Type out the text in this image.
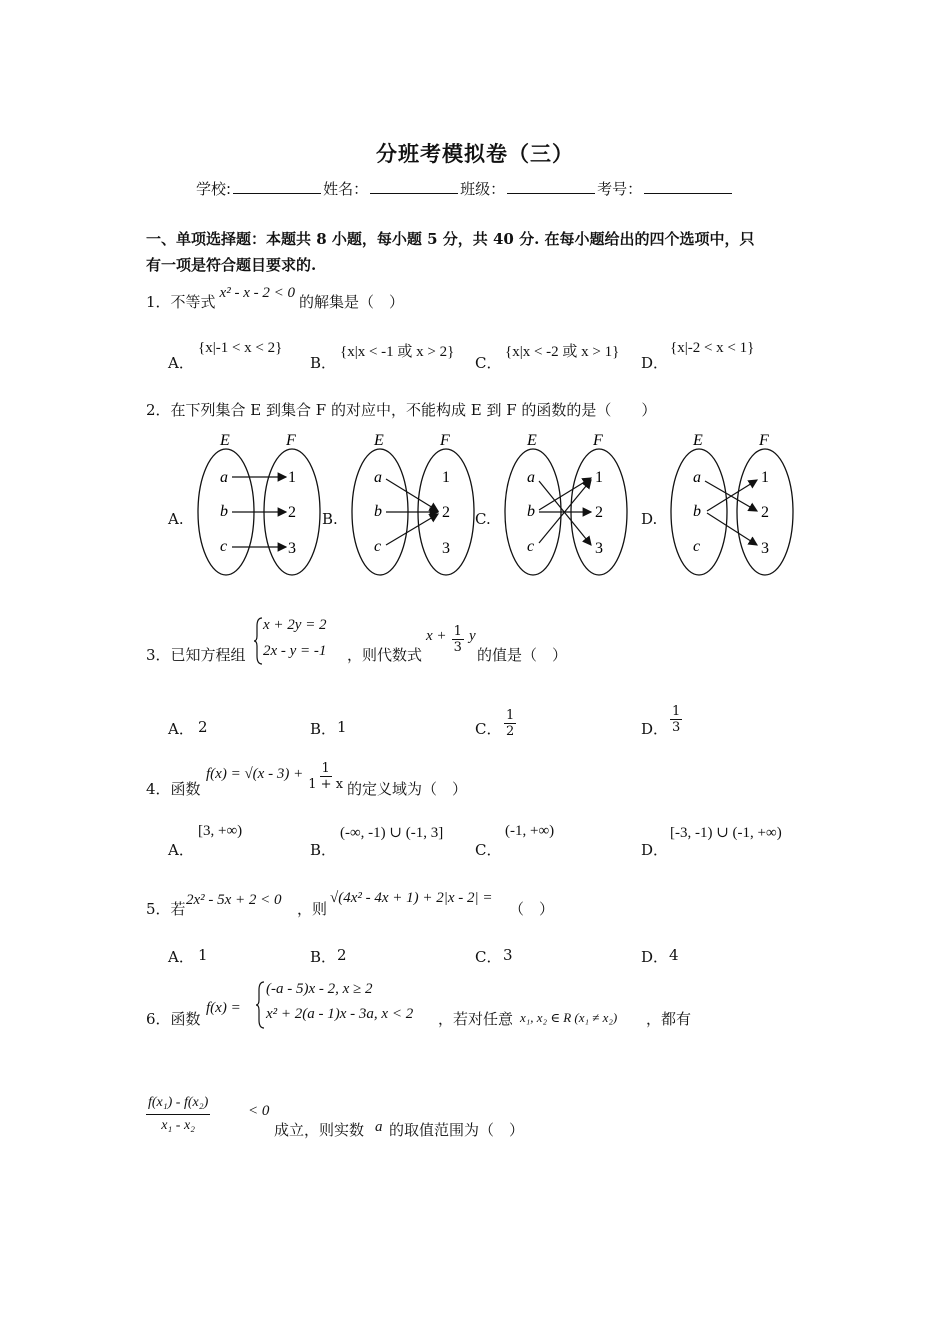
分班考模拟卷（三）
学校:	姓名：	班级：	考号：
一、单项选择题：本题共 8 小题，每小题 5 分，共 40 分. 在每小题给出的四个选项中，只
有一项是符合题目要求的.
1．不等式 x² - x - 2 < 0 的解集是（　）
A．
{x|-1 < x < 2}
B．
{x|x < -1 或 x > 2}
C．
{x|x < -2 或 x > 1}
D．
{x|-2 < x < 1}
2．在下列集合 E 到集合 F 的对应中，不能构成 E 到 F 的函数的是（　　）
A.	B.	C.	D.
E	F
a
b
c
1
2
3
E	F
a
b
c
1
2
3
E	F
a
b
c
1
2
3
E	F
a
b
c
1
2
3
3．已知方程组
x + 2y = 2
2x - y = -1 ，则代数式
$x + \frac{1}{3}$ y
的值是（　）
A． 2	B． 1	C． $\frac{1}{2}$	D． $\frac{1}{3}$
4．函数
$f(x) = √(x - 3) + \frac{1}{1 + x}$ 的定义域为（　）
A．
[3, +∞)
B．
(-∞, -1) ∪ (-1, 3]
C．
(-1, +∞)
D．
[-3, -1) ∪ (-1, +∞)
5．若 2x² - 5x + 2 < 0 ，则
√(4x² - 4x + 1) + 2|x - 2| =
（　）
A． 1	B． 2	C． 3	D． 4
6．函数
f(x) =
(-a - 5)x - 2, x ≥ 2
x² + 2(a - 1)x - 3a, x < 2 ，若对任意 x₁, x₂ ∈ R (x₁ ≠ x₂) ，都有
$\frac{\text{f(x₁) - f(x₂)}}{\text{x₁ - x₂}}$	< 0
成立，则实数 a 的取值范围为（　）
